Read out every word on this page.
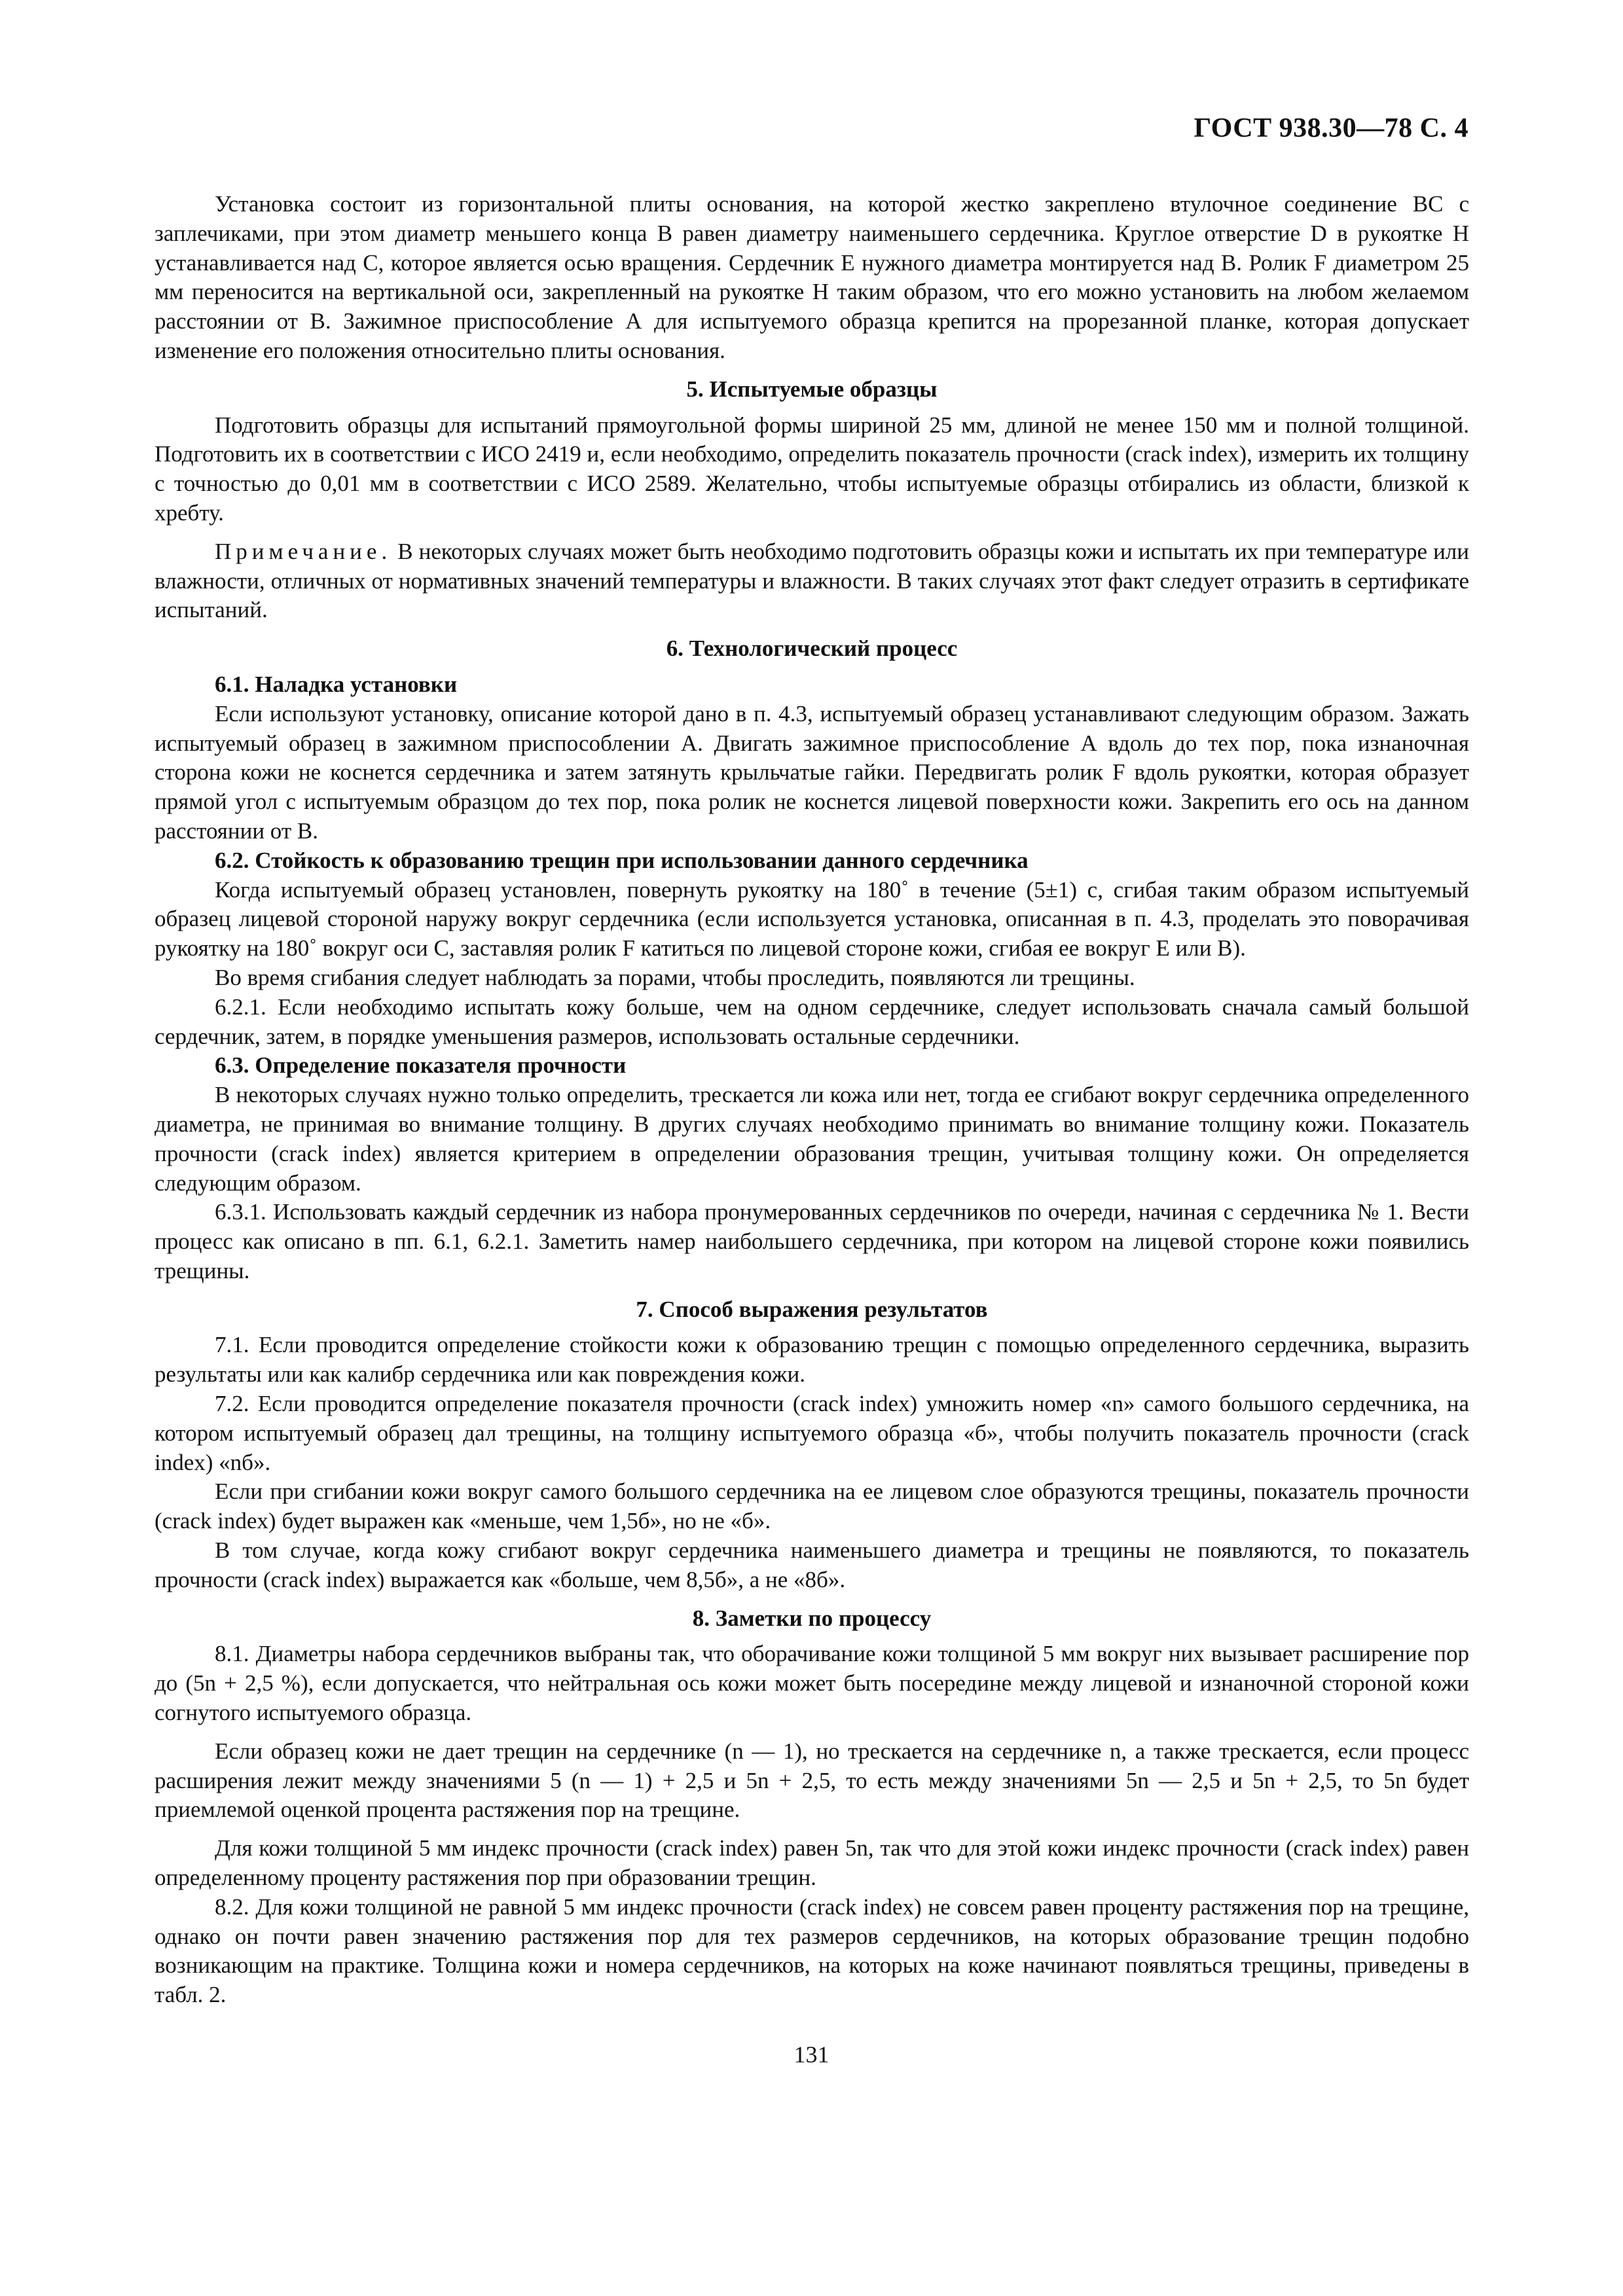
ГОСТ 938.30—78 С. 4

Установка состоит из горизонтальной плиты основания, на которой жестко закреплено втулочное соединение ВС с заплечиками, при этом диаметр меньшего конца В равен диаметру наименьшего сердечника. Круглое отверстие D в рукоятке Н устанавливается над С, которое является осью вращения. Сердечник Е нужного диаметра монтируется над В. Ролик F диаметром 25 мм переносится на вертикальной оси, закрепленный на рукоятке Н таким образом, что его можно установить на любом желаемом расстоянии от В. Зажимное приспособление А для испытуемого образца крепится на прорезанной планке, которая допускает изменение его положения относительно плиты основания.

5. Испытуемые образцы

Подготовить образцы для испытаний прямоугольной формы шириной 25 мм, длиной не менее 150 мм и полной толщиной. Подготовить их в соответствии с ИСО 2419 и, если необходимо, определить показатель прочности (crack index), измерить их толщину с точностью до 0,01 мм в соответствии с ИСО 2589. Желательно, чтобы испытуемые образцы отбирались из области, близкой к хребту.

Примечание. В некоторых случаях может быть необходимо подготовить образцы кожи и испытать их при температуре или влажности, отличных от нормативных значений температуры и влажности. В таких случаях этот факт следует отразить в сертификате испытаний.

6. Технологический процесс
6.1. Наладка установки

Если используют установку, описание которой дано в п. 4.3, испытуемый образец устанавливают следующим образом. Зажать испытуемый образец в зажимном приспособлении А. Двигать зажимное приспособление А вдоль до тех пор, пока изнаночная сторона кожи не коснется сердечника и затем затянуть крыльчатые гайки. Передвигать ролик F вдоль рукоятки, которая образует прямой угол с испытуемым образцом до тех пор, пока ролик не коснется лицевой поверхности кожи. Закрепить его ось на данном расстоянии от В.

6.2. Стойкость к образованию трещин при использовании данного сердечника

Когда испытуемый образец установлен, повернуть рукоятку на 180˚ в течение (5±1) с, сгибая таким образом испытуемый образец лицевой стороной наружу вокруг сердечника (если используется установка, описанная в п. 4.3, проделать это поворачивая рукоятку на 180˚ вокруг оси С, заставляя ролик F катиться по лицевой стороне кожи, сгибая ее вокруг Е или В).

Во время сгибания следует наблюдать за порами, чтобы проследить, появляются ли трещины.

6.2.1. Если необходимо испытать кожу больше, чем на одном сердечнике, следует использовать сначала самый большой сердечник, затем, в порядке уменьшения размеров, использовать остальные сердечники.

6.3. Определение показателя прочности

В некоторых случаях нужно только определить, трескается ли кожа или нет, тогда ее сгибают вокруг сердечника определенного диаметра, не принимая во внимание толщину. В других случаях необходимо принимать во внимание толщину кожи. Показатель прочности (crack index) является критерием в определении образования трещин, учитывая толщину кожи. Он определяется следующим образом.

6.3.1. Использовать каждый сердечник из набора пронумерованных сердечников по очереди, начиная с сердечника № 1. Вести процесс как описано в пп. 6.1, 6.2.1. Заметить намер наибольшего сердечника, при котором на лицевой стороне кожи появились трещины.

7. Способ выражения результатов

7.1. Если проводится определение стойкости кожи к образованию трещин с помощью определенного сердечника, выразить результаты или как калибр сердечника или как повреждения кожи.

7.2. Если проводится определение показателя прочности (crack index) умножить номер «n» самого большого сердечника, на котором испытуемый образец дал трещины, на толщину испытуемого образца «б», чтобы получить показатель прочности (crack index) «nб».

Если при сгибании кожи вокруг самого большого сердечника на ее лицевом слое образуются трещины, показатель прочности (crack index) будет выражен как «меньше, чем 1,5б», но не «б».

В том случае, когда кожу сгибают вокруг сердечника наименьшего диаметра и трещины не появляются, то показатель прочности (crack index) выражается как «больше, чем 8,5б», а не «8б».

8. Заметки по процессу

8.1. Диаметры набора сердечников выбраны так, что оборачивание кожи толщиной 5 мм вокруг них вызывает расширение пор до (5n + 2,5 %), если допускается, что нейтральная ось кожи может быть посередине между лицевой и изнаночной стороной кожи согнутого испытуемого образца.

Если образец кожи не дает трещин на сердечнике (n — 1), но трескается на сердечнике n, а также трескается, если процесс расширения лежит между значениями 5 (n — 1) + 2,5 и 5n + 2,5, то есть между значениями 5n — 2,5 и 5n + 2,5, то 5n будет приемлемой оценкой процента растяжения пор на трещине.

Для кожи толщиной 5 мм индекс прочности (crack index) равен 5n, так что для этой кожи индекс прочности (crack index) равен определенному проценту растяжения пор при образовании трещин.

8.2. Для кожи толщиной не равной 5 мм индекс прочности (crack index) не совсем равен проценту растяжения пор на трещине, однако он почти равен значению растяжения пор для тех размеров сердечников, на которых образование трещин подобно возникающим на практике. Толщина кожи и номера сердечников, на которых на коже начинают появляться трещины, приведены в табл. 2.

131
